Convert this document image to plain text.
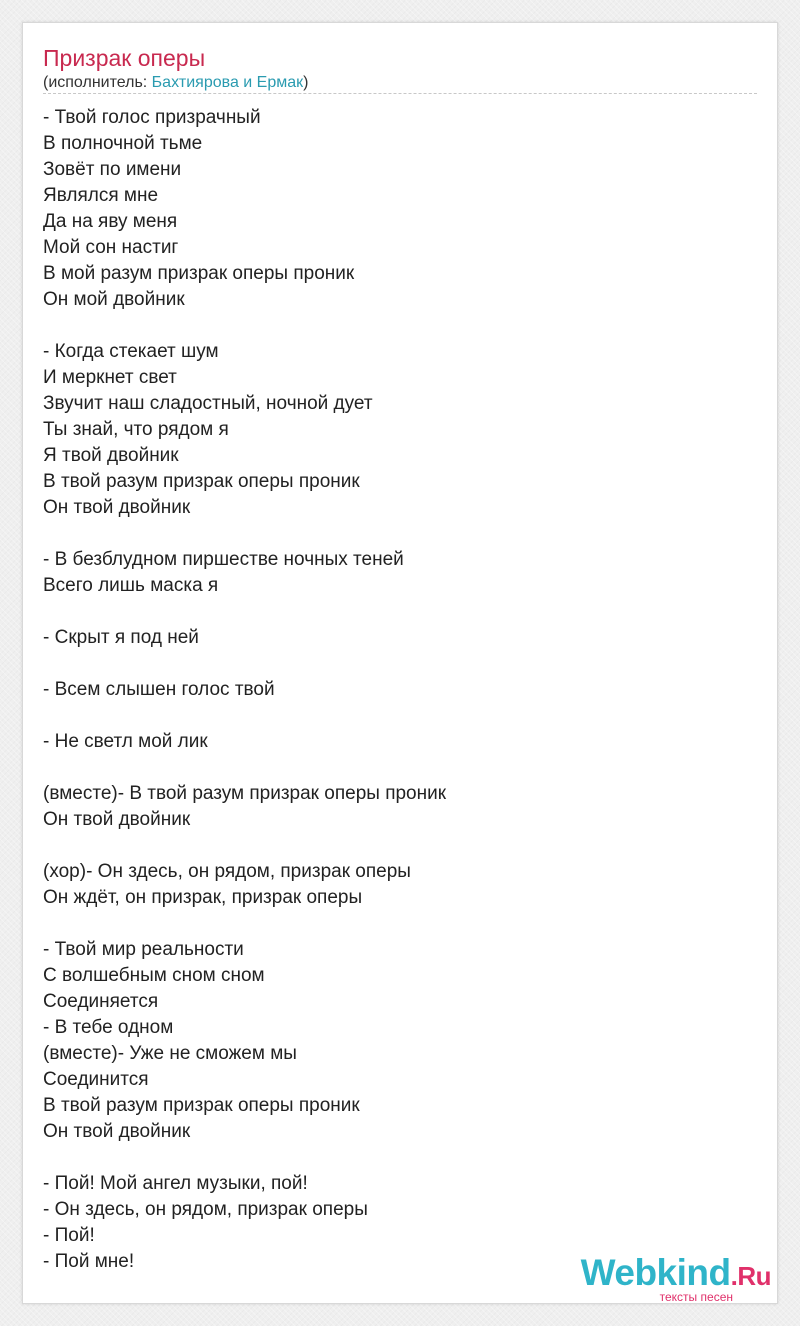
Призрак оперы
(исполнитель: Бахтиярова и Ермак)
- Твой голос призрачный
В полночной тьме
Зовёт по имени
Являлся мне
Да на яву меня
Мой сон настиг
В мой разум призрак оперы проник
Он мой двойник
- Когда стекает шум
И меркнет свет
Звучит наш сладостный, ночной дует
Ты знай, что рядом я
Я твой двойник
В твой разум призрак оперы проник
Он твой двойник
- В безблудном пиршестве ночных теней
Всего лишь маска я
- Скрыт я под ней
- Всем слышен голос твой
- Не светл мой лик
(вместе)- В твой разум призрак оперы проник
Он твой двойник
(хор)- Он здесь, он рядом, призрак оперы
Он ждёт, он призрак, призрак оперы
- Твой мир реальности
С волшебным сном сном
Соединяется
- В тебе одном
(вместе)- Уже не сможем мы
Соединится
В твой разум призрак оперы проник
Он твой двойник
- Пой! Мой ангел музыки, пой!
- Он здесь, он рядом, призрак оперы
- Пой!
- Пой мне!	Webkind.Ru
тексты песен
